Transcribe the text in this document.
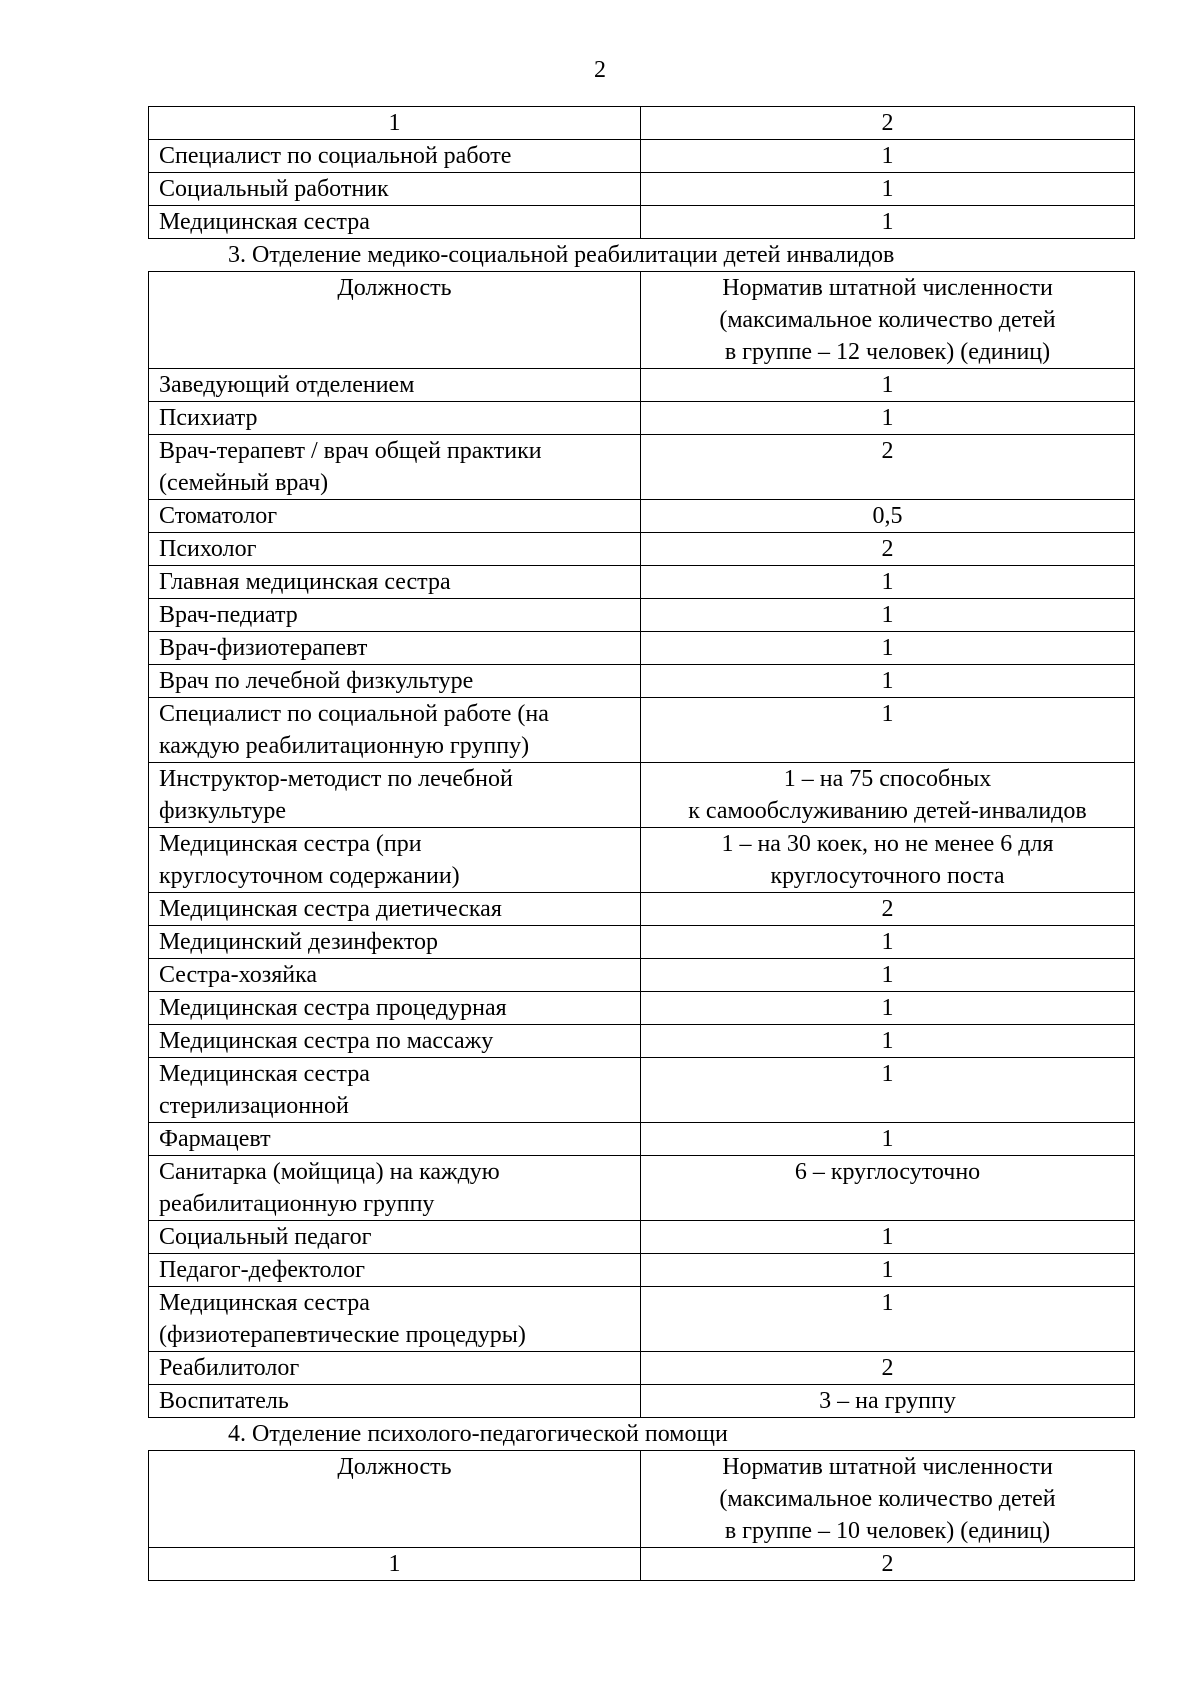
2
1	2
Специалист по социальной работе	1
Социальный работник	1
Медицинская сестра	1
3. Отделение медико-социальной реабилитации детей инвалидов
Должность	Норматив штатной численности
(максимальное количество детей
в группе – 12 человек) (единиц)
Заведующий отделением	1
Психиатр	1
Врач-терапевт / врач общей практики
(семейный врач)	2
Стоматолог	0,5
Психолог	2
Главная медицинская сестра	1
Врач-педиатр	1
Врач-физиотерапевт	1
Врач по лечебной физкультуре	1
Специалист по социальной работе (на
каждую реабилитационную группу)	1
Инструктор-методист по лечебной
физкультуре	1 – на 75 способных
к самообслуживанию детей-инвалидов
Медицинская сестра (при
круглосуточном содержании)	1 – на 30 коек, но не менее 6 для
круглосуточного поста
Медицинская сестра диетическая	2
Медицинский дезинфектор	1
Сестра-хозяйка	1
Медицинская сестра процедурная	1
Медицинская сестра по массажу	1
Медицинская сестра
стерилизационной	1
Фармацевт	1
Санитарка (мойщица) на каждую
реабилитационную группу	6 – круглосуточно
Социальный педагог	1
Педагог-дефектолог	1
Медицинская сестра
(физиотерапевтические процедуры)	1
Реабилитолог	2
Воспитатель	3 – на группу
4. Отделение психолого-педагогической помощи
Должность	Норматив штатной численности
(максимальное количество детей
в группе – 10 человек) (единиц)
1	2
